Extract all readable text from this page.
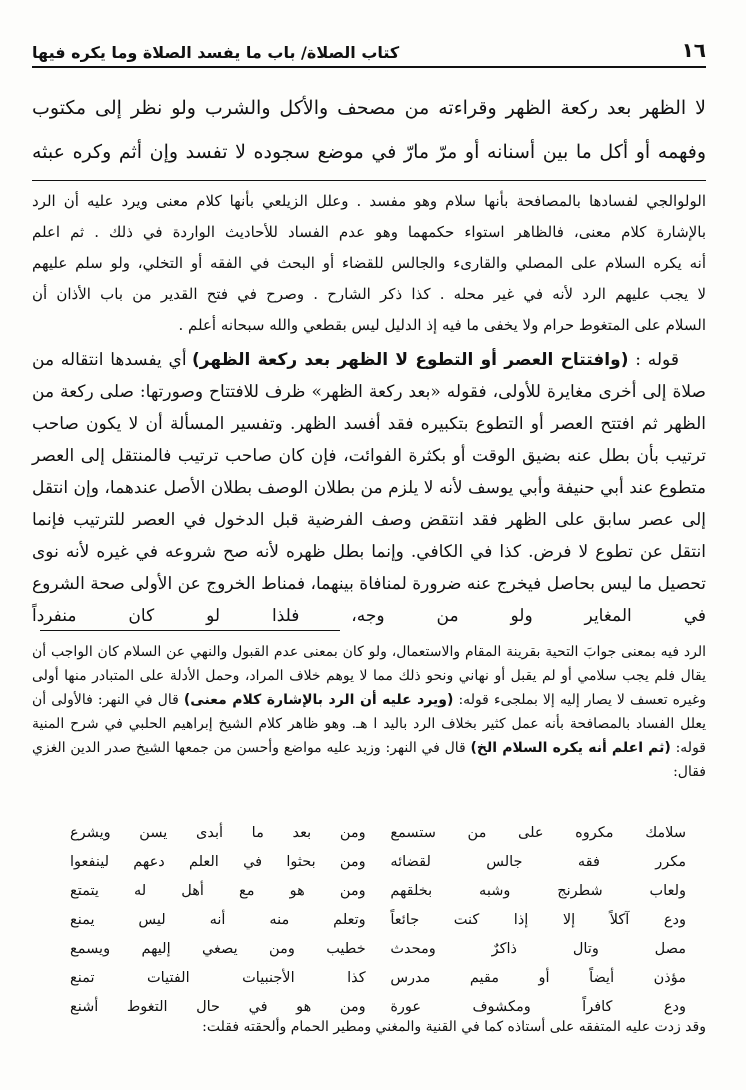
١٦
كتاب الصلاة/ باب ما يفسد الصلاة وما يكره فيها

لا الظهر بعد ركعة الظهر وقراءته من مصحف والأكل والشرب ولو نظر إلى مكتوب

وفهمه أو أكل ما بين أسنانه أو مرّ مارّ في موضع سجوده لا تفسد وإن أثم وكره عبثه

الولوالجي لفسادها بالمصافحة بأنها سلام وهو مفسد . وعلل الزيلعي بأنها كلام معنى ويرد عليه أن الرد

بالإشارة كلام معنى، فالظاهر استواء حكمهما وهو عدم الفساد للأحاديث الواردة في ذلك . ثم اعلم

أنه يكره السلام على المصلي والقارىء والجالس للقضاء أو البحث في الفقه أو التخلي، ولو سلم عليهم

لا يجب عليهم الرد لأنه في غير محله . كذا ذكر الشارح . وصرح في فتح القدير من باب الأذان أن

السلام على المتغوط حرام ولا يخفى ما فيه إذ الدليل ليس بقطعي والله سبحانه أعلم .

قوله : (وافتتاح العصر أو التطوع لا الظهر بعد ركعة الظهر) أي يفسدها انتقاله من صلاة إلى أخرى مغايرة للأولى، فقوله «بعد ركعة الظهر» ظرف للافتتاح وصورتها: صلى ركعة من الظهر ثم افتتح العصر أو التطوع بتكبيره فقد أفسد الظهر. وتفسير المسألة أن لا يكون صاحب ترتيب بأن بطل عنه بضيق الوقت أو بكثرة الفوائت، فإن كان صاحب ترتيب فالمنتقل إلى العصر متطوع عند أبي حنيفة وأبي يوسف لأنه لا يلزم من بطلان الوصف بطلان الأصل عندهما، وإن انتقل إلى عصر سابق على الظهر فقد انتقض وصف الفرضية قبل الدخول في العصر للترتيب فإنما انتقل عن تطوع لا فرض. كذا في الكافي. وإنما بطل ظهره لأنه صح شروعه في غيره لأنه نوى تحصيل ما ليس بحاصل فيخرج عنه ضرورة لمنافاة بينهما، فمناط الخروج عن الأولى صحة الشروع في المغاير ولو من وجه، فلذا لو كان منفرداً

الرد فيه بمعنى جوابَ التحية بقرينة المقام والاستعمال، ولو كان بمعنى عدم القبول والنهي عن السلام كان الواجب أن يقال فلم يجب سلامي أو لم يقبل أو نهاني ونحو ذلك مما لا يوهم خلاف المراد، وحمل الأدلة على المتبادر منها أولى وغيره تعسف لا يصار إليه إلا بملجىء قوله: (ويرد عليه أن الرد بالإشارة كلام معنى) قال في النهر: فالأولى أن يعلل الفساد بالمصافحة بأنه عمل كثير بخلاف الرد باليد ا هـ. وهو ظاهر كلام الشيخ إبراهيم الحلبي في شرح المنية قوله: (ثم اعلم أنه يكره السلام الخ) قال في النهر: وزيد عليه مواضع وأحسن من جمعها الشيخ صدر الدين الغزي فقال:

سلامك مكروه على من ستسمع
ومن بعد ما أبدى يسن ويشرع
مكرر فقه جالس لقضائه
ومن بحثوا في العلم دعهم لينفعوا
ولعاب شطرنج وشبه بخلقهم
ومن هو مع أهل له يتمتع
ودع آكلاً إلا إذا كنت جائعاً
وتعلم منه أنه ليس يمنع
مصل وتال ذاكرٌ ومحدث
خطيب ومن يصغي إليهم ويسمع
مؤذن أيضاً أو مقيم مدرس
كذا الأجنبيات الفتيات تمنع
ودع كافراً ومكشوف عورة
ومن هو في حال التغوط أشنع
وقد زدت عليه المتفقه على أستاذه كما في القنية والمغني ومطير الحمام وألحقته فقلت:
